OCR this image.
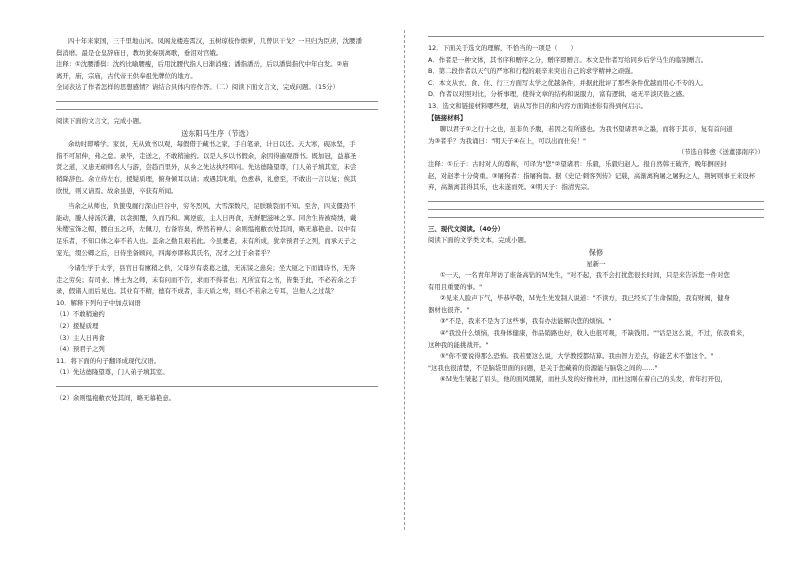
四十年来家国，三千里地山河。凤阁龙楼连霄汉，玉树琼枝作烟萝，几曾识干戈？一旦归为臣虏，沈腰潘

鬓消磨。最是仓皇辞庙日，教坊犹奏别离歌，垂泪对宫娥。

注释：①沈腰潘鬓：沈约比喻腰瘦，后用沈腰代指人日渐消瘦；潘指潘岳，后以潘鬓指代中年白发。②庙

离开，庙，宗庙，古代帝王供奉祖先牌位的地方。

全词表达了作者怎样的思想感情？请结合具体内容作答。（二）阅读下面文言文，完成问题。（15分）

阅读下面的文言文，完成小题。

送东阳马生序（节选）

余幼时即嗜学。家贫，无从致书以观，每假借于藏书之家，手自笔录，计日以还。天大寒，砚冰坚，手

指不可屈伸，弗之怠。录毕，走送之，不敢稍逾约。以是人多以书假余，余因得遍观群书。既加冠，益慕圣

贤之道，又患无硕师名人与游，尝趋百里外，从乡之先达执经叩问。先达德隆望尊，门人弟子填其室，未尝

稍降辞色。余立侍左右，援疑质理，俯身倾耳以请；或遇其叱咄，色愈恭，礼愈至，不敢出一言以复；俟其

欣悦，则又请焉。故余虽愚，卒获有所闻。

当余之从师也，负箧曳屣行深山巨谷中，穷冬烈风，大雪深数尺，足肤皲裂而不知。至舍，四支僵劲不

能动，媵人持汤沃灌，以衾拥覆，久而乃和。寓逆旅，主人日再食，无鲜肥滋味之享。同舍生皆被绮绣，戴

朱缨宝饰之帽，腰白玉之环，左佩刀，右备容臭，烨然若神人；余则缊袍敝衣处其间，略无慕艳意。以中有

足乐者，不知口体之奉不若人也。盖余之勤且艰若此。今虽耄老，未有所成，犹幸预君子之列，而承天子之

宠光，缀公卿之后，日侍坐备顾问，四海亦谬称其氏名，况才之过于余者乎？

今诸生学于太学，县官日有廪稍之供，父母岁有裘葛之遗，无冻馁之患矣；坐大厦之下而诵诗书，无奔

走之劳矣；有司业、博士为之师，未有问而不告，求而不得者也；凡所宜有之书，皆集于此，不必若余之手

录，假诸人而后见也。其业有不精，德有不成者，非天质之卑，则心不若余之专耳，岂他人之过哉？

10．解释下列句子中加点词语

（1）不敢稍逾约

（2）援疑质理

（3）主人日再食

（4）预君子之列

11．将下面的句子翻译成现代汉语。

（1）先达德隆望尊，门人弟子填其室。

（2）余则缊袍敝衣处其间，略无慕艳意。

12．下面关于选文的理解，不恰当的一项是（　　）

A．作者是一种文体，其书序和赠序之分，赠序即赠言。本文是作者写给同乡后学马生的临别赠言。

B．第二段作者以天气的严寒和行程的艰辛来突出自己的求学精神之顽强。

C．本文从衣、食、住、行三方面写太学之优越条件，并据此批评了那些条件优越而用心不专的人。

D．作者以对照对比，分析事理，使得文章的结构和说服力，富有逻辑，毫无平淡厌倦之感。

13．选文和链接材料哪些理，请从写作目的和内容方面简述你有得到何启示。

【链接材料】

聊以君子①之行十之也，虽非负予腹，若因之有所感也。为我书望诸君②之墨，而将于其市，复有首问道

为③者乎？为我诵曰："明天子④在上，可以出而仕矣！"

（节选自韩愈《送董邵南序》）

注释：①丘子：古时对人的尊称，可译为"您"②望诸君：乐毅，乐毅归赵人。报自然韩王破齐，晚年摒居封

赵，对赵孝十分倚重。③屠狗者：指屠狗翁。据《史记·刺客列传》记载，高渐离狗屠之屠狗之人，荆轲则事王来设杯

弃，高渐离甚得其乐，也未遂而死。④明天子：指清宪宗。

三、现代文阅读。（40分）

阅读下面的文学类文本，完成小题。

保修

星新一

①一天，一名青年拜访了谁备高钻的Ｍ先生，"对不起，我不会打扰您很长时间，只是来告诉您一件对您

有用且重要的事。"

②见来人脸声下气，毕恭毕敬，Ｍ先生先发制人说道："不读方，我已经买了生命保险，我有财阀，健身

器材也很齐。"

③"不是，我来不是为了这些事，我有办法能解决您的烦恼。"

④"我没什么烦恼，我身体健康，作品销路也好，收入也很可观，不缺钱用。""话是这么说，不过，依我看来，

这种我的能挑战开。"

⑤"你不要说得那么恐怖。我若要这么说，大学教授都结算。我由智力差点，你能艺术不靠这个。"

"这我也很清楚，不是脑袋里面的问题，是关于您藏着的资源能与脑袋之间的……"

⑥Ｍ先生皱起了眉头，他的面风绷紧，而杜头发的好像杜冲，而杜这刚在着自己的头发，青年打开包，
